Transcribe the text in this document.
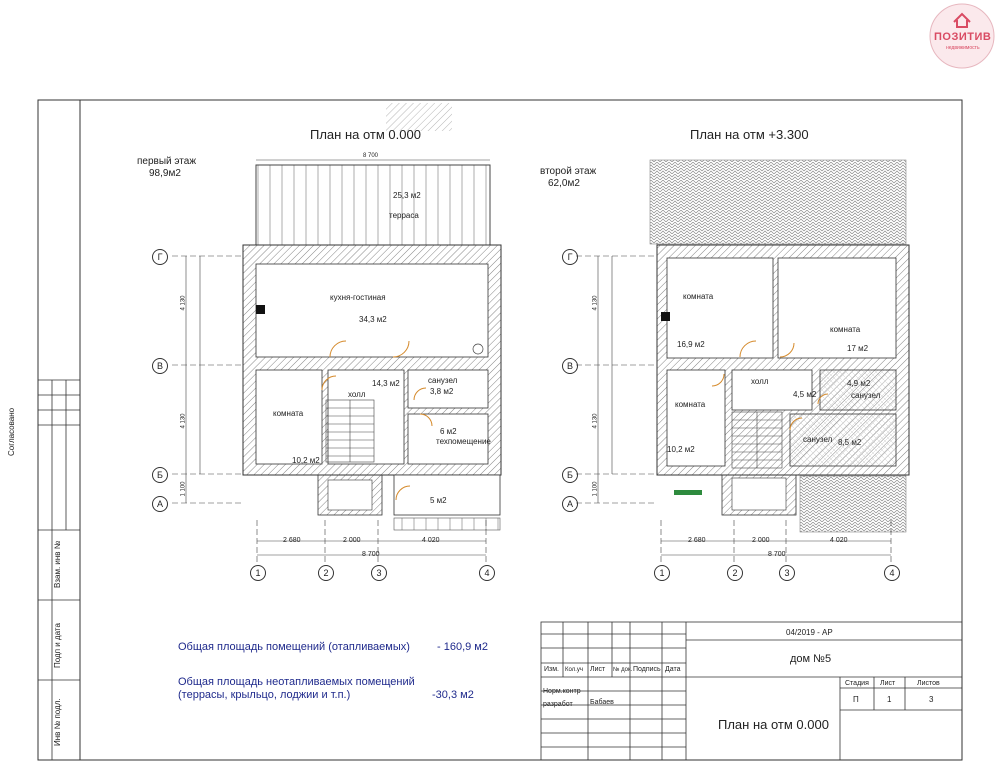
ПОЗИТИВ
недвижимость
Г
В
Б
А
1	2	3	4
Г
В
Б
А
1	2	3	4
План на отм 0.000	План на отм +3.300
первый этаж
98,9м2	второй этаж
62,0м2
25,3 м2
терраса
кухня-гостиная
34,3 м2
комната
10,2 м2
14,3 м2
холл
санузел
3,8 м2
6 м2
техпомещение
5 м2
комната
16,9 м2
комната
17 м2
комната
10,2 м2
холл
4,5 м2
4,9 м2
санузел
санузел 8,5 м2
8 700
2 680	2 000	4 020
8 700
2 680	2 000	4 020
8 700
4 130
4 130
1 100
4 130
4 130
1 100
Общая площадь помещений (отапливаемых) - 160,9 м2
Общая площадь неотапливаемых помещений
(террасы, крыльцо, лоджии и т.п.)	-30,3 м2
Согласовано
Взам. инв №
Подп и дата
Инв № подл.
04/2019 - АР
дом №5
Изм. Кол.уч Лист № док. Подпись Дата
Норм.контр
разработ Бабаев
План на отм 0.000
Стадия Лист	Листов
П	1	3
